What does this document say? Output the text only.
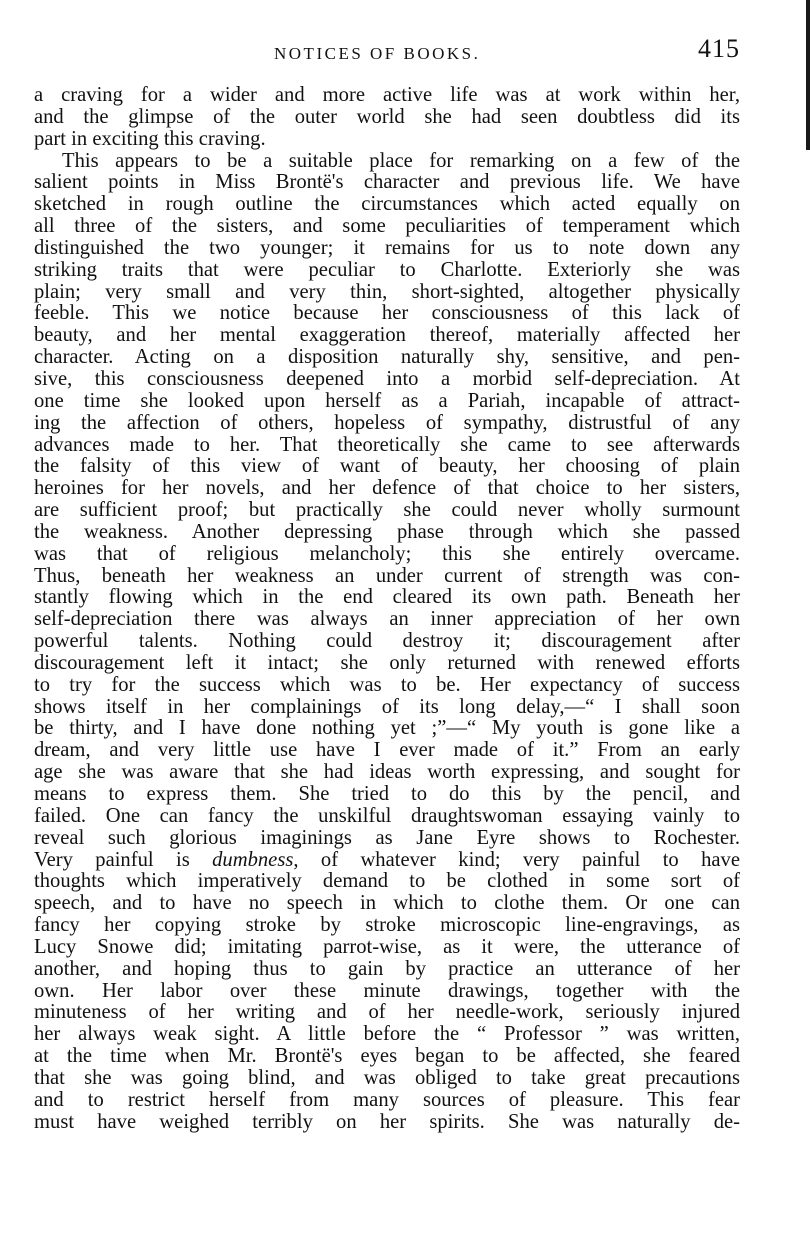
NOTICES OF BOOKS.	415
a craving for a wider and more active life was at work within her,
and the glimpse of the outer world she had seen doubtless did its
part in exciting this craving.
This appears to be a suitable place for remarking on a few of the
salient points in Miss Brontë's character and previous life. We have
sketched in rough outline the circumstances which acted equally on
all three of the sisters, and some peculiarities of temperament which
distinguished the two younger; it remains for us to note down any
striking traits that were peculiar to Charlotte. Exteriorly she was
plain; very small and very thin, short-sighted, altogether physically
feeble. This we notice because her consciousness of this lack of
beauty, and her mental exaggeration thereof, materially affected her
character. Acting on a disposition naturally shy, sensitive, and pen-
sive, this consciousness deepened into a morbid self-depreciation. At
one time she looked upon herself as a Pariah, incapable of attract-
ing the affection of others, hopeless of sympathy, distrustful of any
advances made to her. That theoretically she came to see afterwards
the falsity of this view of want of beauty, her choosing of plain
heroines for her novels, and her defence of that choice to her sisters,
are sufficient proof; but practically she could never wholly surmount
the weakness. Another depressing phase through which she passed
was that of religious melancholy; this she entirely overcame.
Thus, beneath her weakness an under current of strength was con-
stantly flowing which in the end cleared its own path. Beneath her
self-depreciation there was always an inner appreciation of her own
powerful talents. Nothing could destroy it; discouragement after
discouragement left it intact; she only returned with renewed efforts
to try for the success which was to be. Her expectancy of success
shows itself in her complainings of its long delay,—“ I shall soon
be thirty, and I have done nothing yet ;”—“ My youth is gone like a
dream, and very little use have I ever made of it.” From an early
age she was aware that she had ideas worth expressing, and sought for
means to express them. She tried to do this by the pencil, and
failed. One can fancy the unskilful draughtswoman essaying vainly to
reveal such glorious imaginings as Jane Eyre shows to Rochester.
Very painful is dumbness, of whatever kind; very painful to have
thoughts which imperatively demand to be clothed in some sort of
speech, and to have no speech in which to clothe them. Or one can
fancy her copying stroke by stroke microscopic line-engravings, as
Lucy Snowe did; imitating parrot-wise, as it were, the utterance of
another, and hoping thus to gain by practice an utterance of her
own. Her labor over these minute drawings, together with the
minuteness of her writing and of her needle-work, seriously injured
her always weak sight. A little before the “ Professor ” was written,
at the time when Mr. Brontë's eyes began to be affected, she feared
that she was going blind, and was obliged to take great precautions
and to restrict herself from many sources of pleasure. This fear
must have weighed terribly on her spirits. She was naturally de-
